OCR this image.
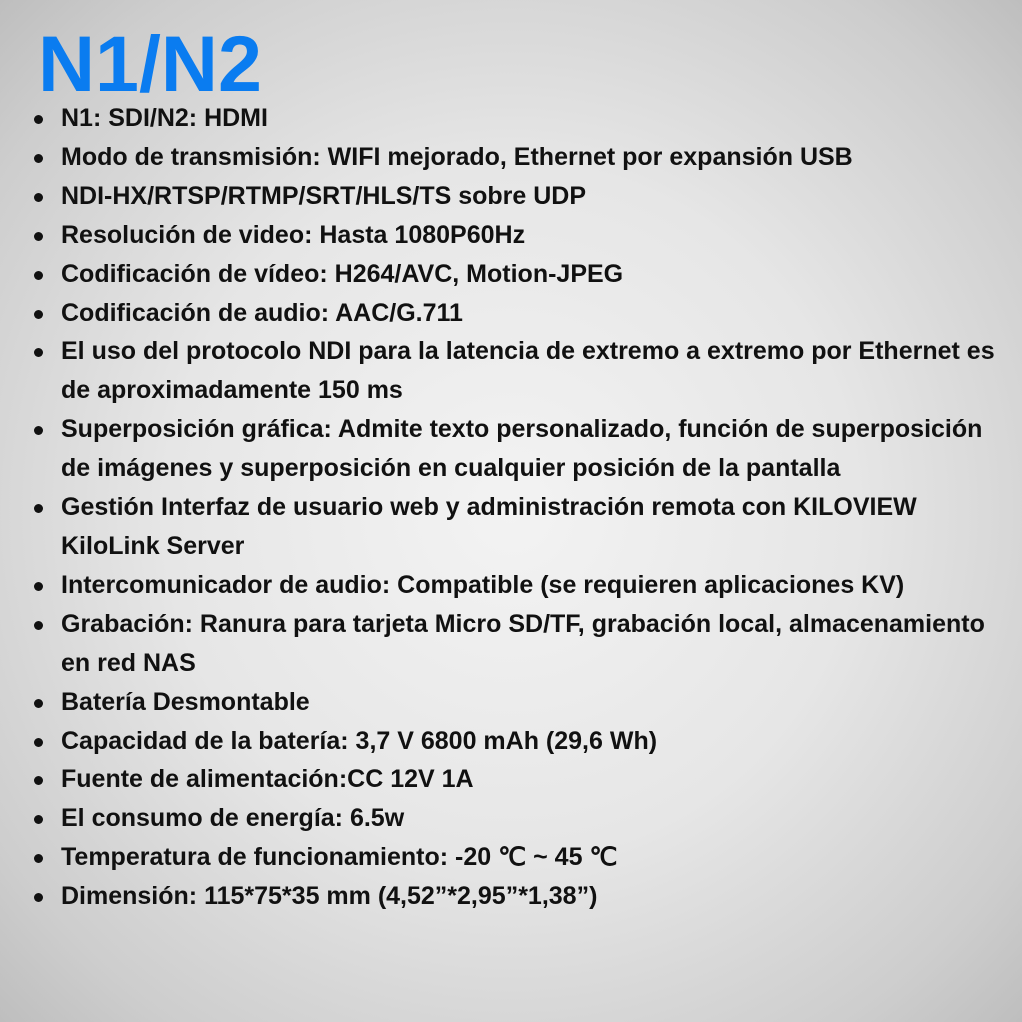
N1/N2
N1: SDI/N2: HDMI
Modo de transmisión: WIFI mejorado, Ethernet por expansión USB
NDI-HX/RTSP/RTMP/SRT/HLS/TS sobre UDP
Resolución de video: Hasta 1080P60Hz
Codificación de vídeo: H264/AVC, Motion-JPEG
Codificación de audio: AAC/G.711
El uso del protocolo NDI para la latencia de extremo a extremo por Ethernet es de aproximadamente 150 ms
Superposición gráfica: Admite texto personalizado, función de superposición de imágenes y superposición en cualquier posición de la pantalla
Gestión Interfaz de usuario web y administración remota con KILOVIEW KiloLink Server
Intercomunicador de audio: Compatible (se requieren aplicaciones KV)
Grabación: Ranura para tarjeta Micro SD/TF, grabación local, almacenamiento en red NAS
Batería Desmontable
Capacidad de la batería: 3,7 V 6800 mAh (29,6 Wh)
Fuente de alimentación:CC 12V 1A
El consumo de energía: 6.5w
Temperatura de funcionamiento: -20 ℃ ~ 45 ℃
Dimensión: 115*75*35 mm (4,52”*2,95”*1,38”)
